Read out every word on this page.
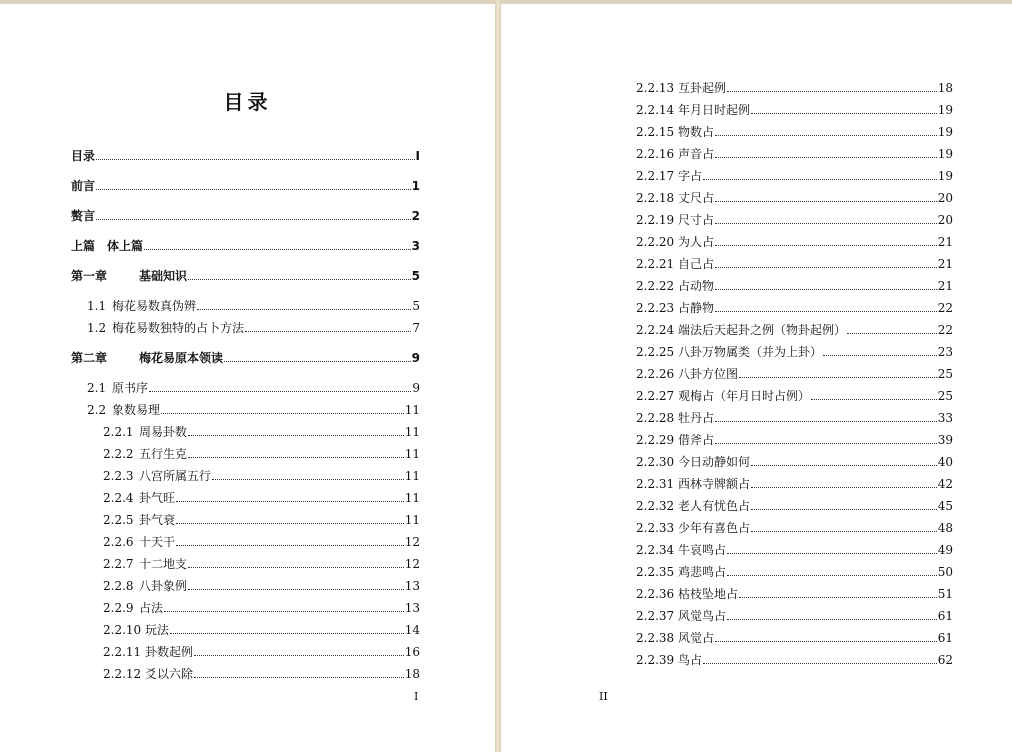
目录
目录	I
前言	1
赘言	2
上篇　体上篇	3
第一章	基础知识	5
1.1 梅花易数真伪辨	5
1.2 梅花易数独特的占卜方法	7
第二章	梅花易原本领读	9
2.1 原书序	9
2.2 象数易理	11
2.2.1 周易卦数	11
2.2.2 五行生克	11
2.2.3 八宫所属五行	11
2.2.4 卦气旺	11
2.2.5 卦气衰	11
2.2.6 十天干	12
2.2.7 十二地支	12
2.2.8 八卦象例	13
2.2.9 占法	13
2.2.10 玩法	14
2.2.11 卦数起例	16
2.2.12 爻以六除	18
2.2.13 互卦起例	18
2.2.14 年月日时起例	19
2.2.15 物数占	19
2.2.16 声音占	19
2.2.17 字占	19
2.2.18 丈尺占	20
2.2.19 尺寸占	20
2.2.20 为人占	21
2.2.21 自己占	21
2.2.22 占动物	21
2.2.23 占静物	22
2.2.24 端法后天起卦之例（物卦起例）	22
2.2.25 八卦万物属类（并为上卦）	23
2.2.26 八卦方位图	25
2.2.27 观梅占（年月日时占例）	25
2.2.28 牡丹占	33
2.2.29 借斧占	39
2.2.30 今日动静如何	40
2.2.31 西林寺牌额占	42
2.2.32 老人有忧色占	45
2.2.33 少年有喜色占	48
2.2.34 牛哀鸣占	49
2.2.35 鸡悲鸣占	50
2.2.36 枯枝坠地占	51
2.2.37 风觉鸟占	61
2.2.38 风觉占	61
2.2.39 鸟占	62
I	II
